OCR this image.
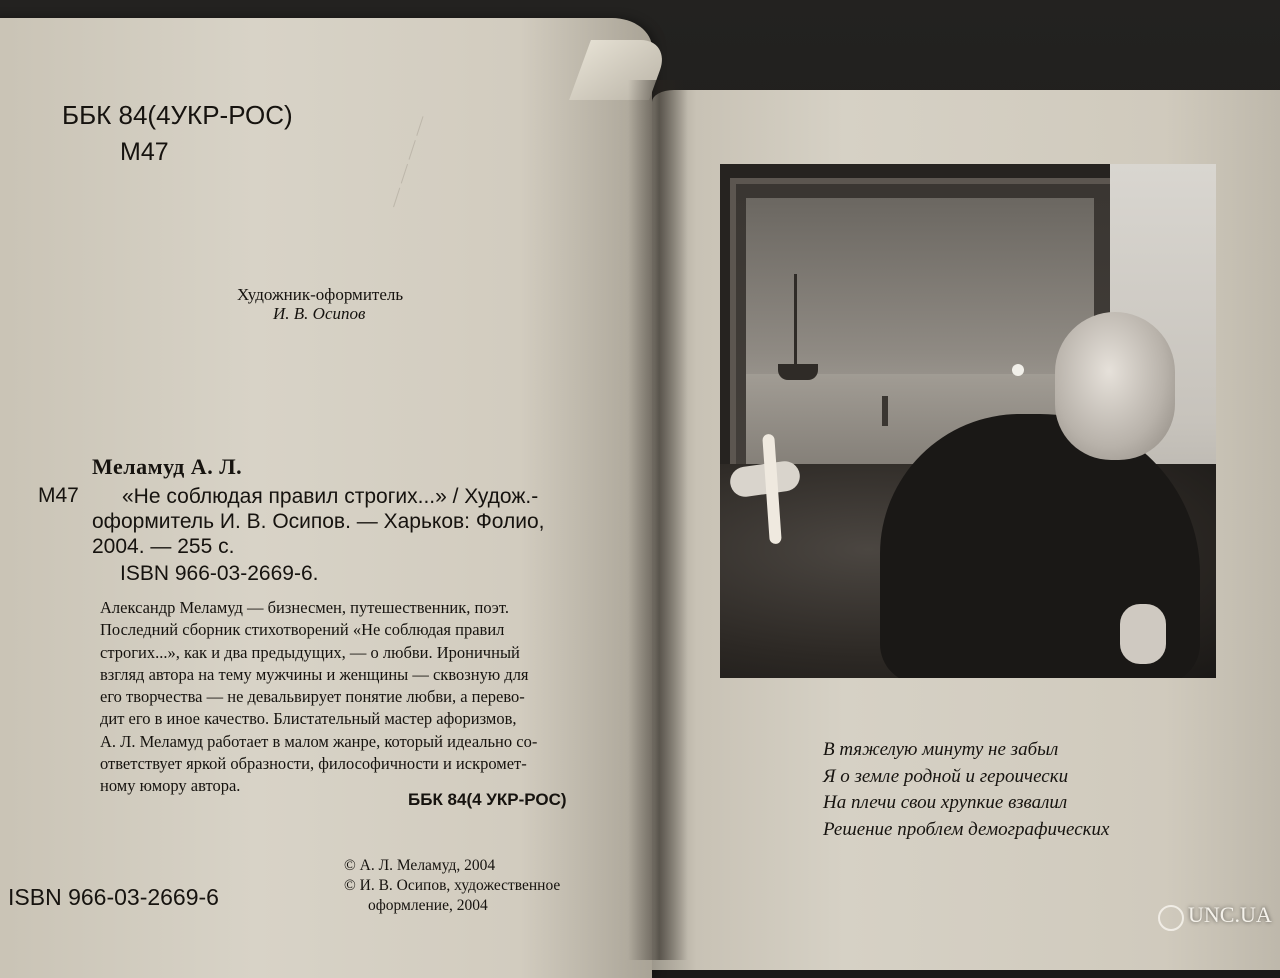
— — — —
ББК 84(4УКР-РОС)
М47
Художник-оформитель
И. В. Осипов
Меламуд А. Л.
М47	«Не соблюдая правил строгих...» / Худож.-
оформитель И. В. Осипов. — Харьков: Фолио,
2004. — 255 с.
ISBN 966-03-2669-6.
Александр Меламуд — бизнесмен, путешественник, поэт.
Последний сборник стихотворений «Не соблюдая правил
строгих...», как и два предыдущих, — о любви. Ироничный
взгляд автора на тему мужчины и женщины — сквозную для
его творчества — не девальвирует понятие любви, а перево-
дит его в иное качество. Блистательный мастер афоризмов,
А. Л. Меламуд работает в малом жанре, который идеально со-
ответствует яркой образности, философичности и искромет-
ному юмору автора.
ББК 84(4 УКР-РОС)
© А. Л. Меламуд, 2004
© И. В. Осипов, художественное
оформление, 2004
ISBN 966-03-2669-6
В тяжелую минуту не забыл
Я о земле родной и героически
На плечи свои хрупкие взвалил
Решение проблем демографических
UNC.UA
